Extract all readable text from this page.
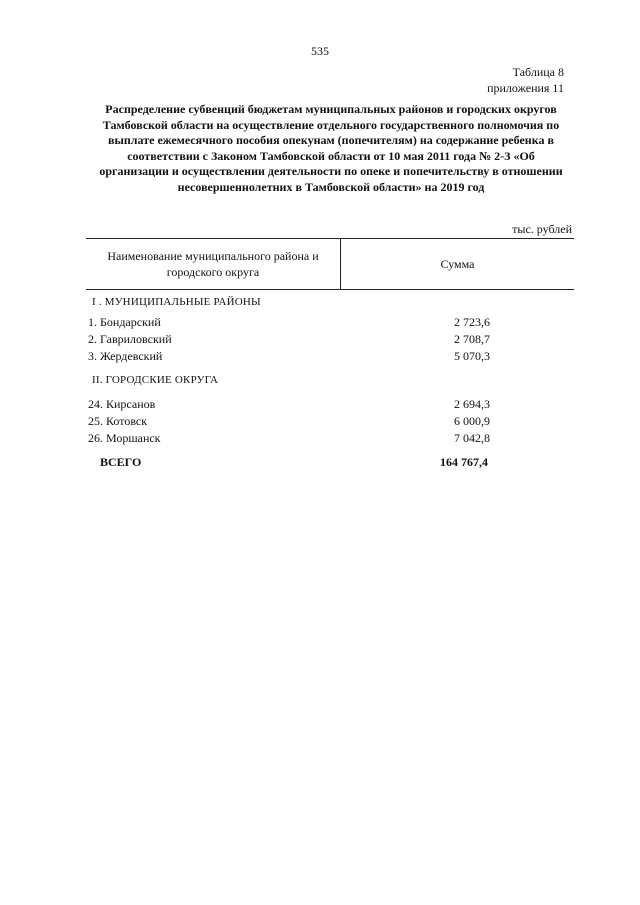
535
Таблица 8
приложения 11
Распределение субвенций бюджетам муниципальных районов и городских округов Тамбовской области на осуществление отдельного государственного полномочия по выплате ежемесячного пособия опекунам (попечителям) на содержание ребенка в соответствии с Законом Тамбовской области от 10 мая 2011 года № 2-З «Об организации и осуществлении деятельности по опеке и попечительству в отношении несовершеннолетних в Тамбовской области» на 2019 год
тыс. рублей
Наименование муниципального района и городского округа
Сумма
I . МУНИЦИПАЛЬНЫЕ РАЙОНЫ
1. Бондарский	2 723,6
2. Гавриловский	2 708,7
3. Жердевский	5 070,3
II. ГОРОДСКИЕ ОКРУГА
24. Кирсанов	2 694,3
25. Котовск	6 000,9
26. Моршанск	7 042,8
ВСЕГО	164 767,4
